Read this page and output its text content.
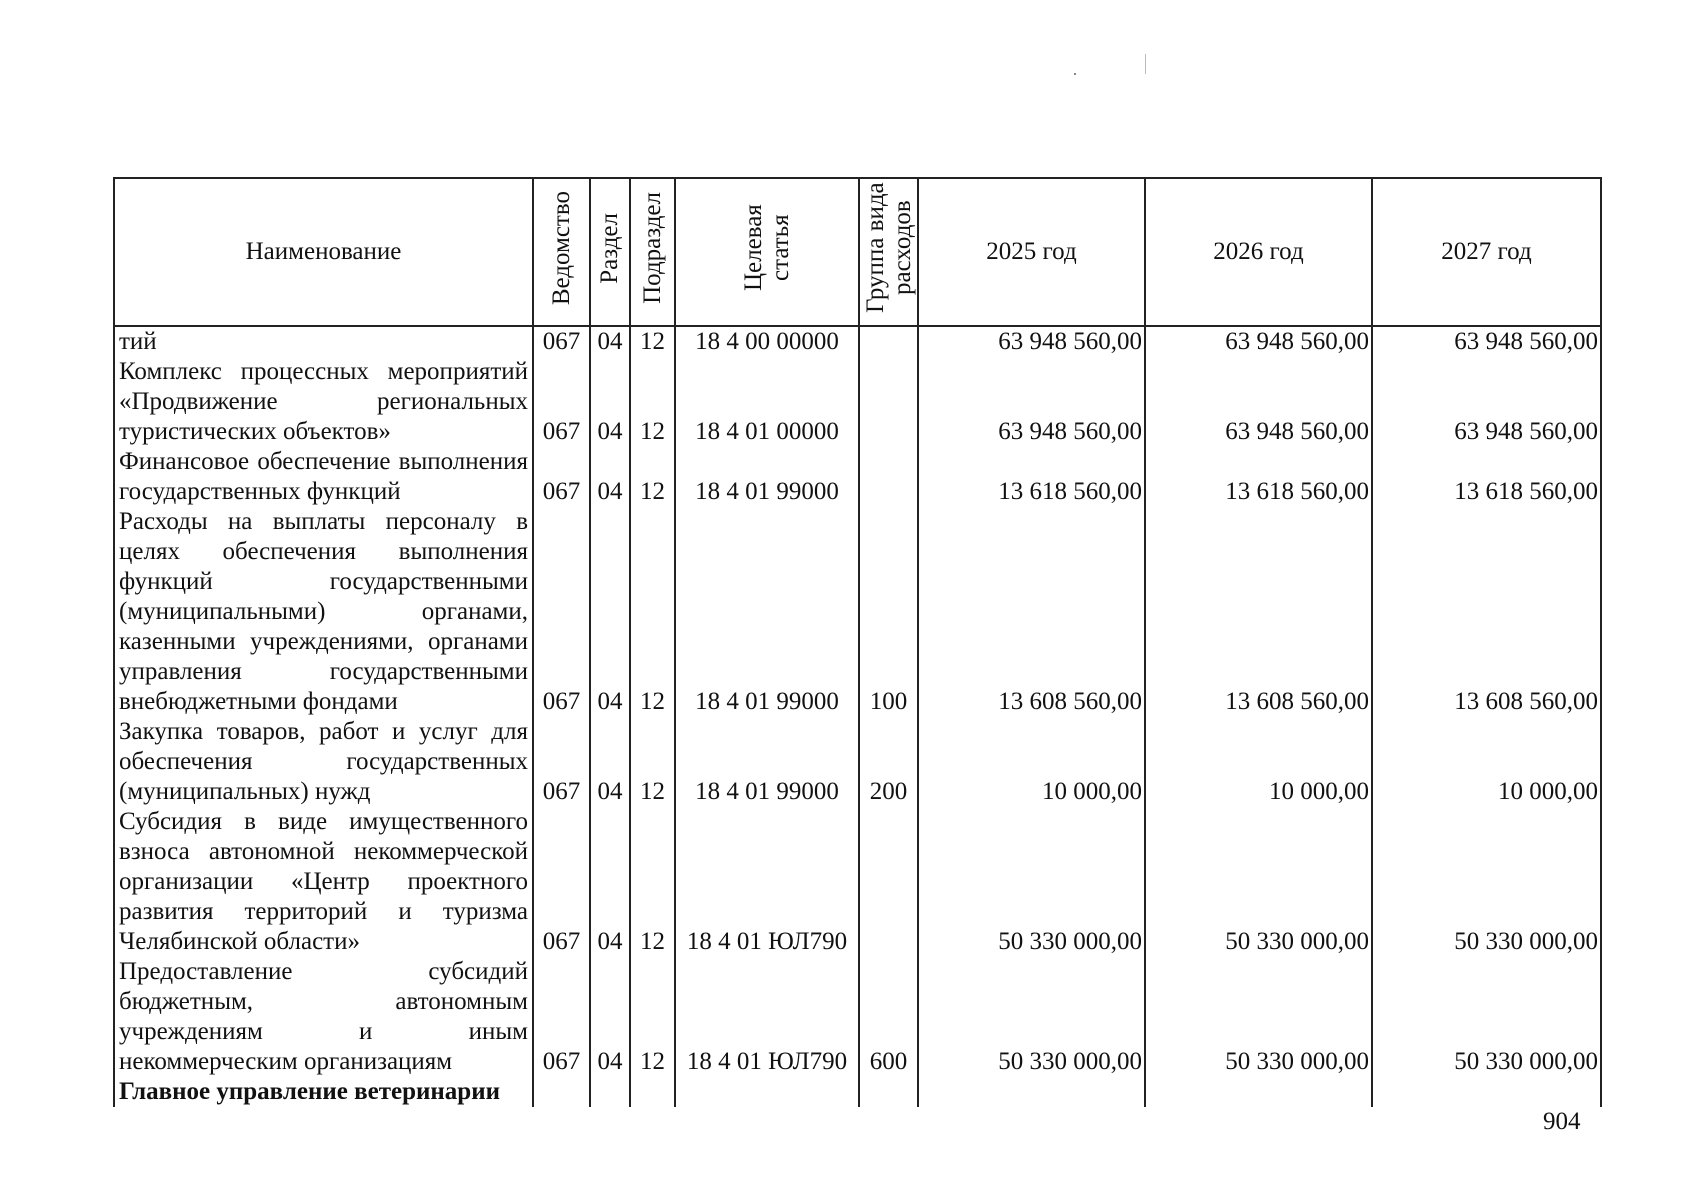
Наименование	Ведомство	Раздел	Подраздел	Целевая статья	Группа вида расходов	2025 год	2026 год	2027 год
тий	067	04	12	18 4 00 00000		63 948 560,00	63 948 560,00	63 948 560,00
Комплекс процессных мероприятий «Продвижение региональных туристических объектов»	067	04	12	18 4 01 00000		63 948 560,00	63 948 560,00	63 948 560,00
Финансовое обеспечение выполнения государственных функций	067	04	12	18 4 01 99000		13 618 560,00	13 618 560,00	13 618 560,00
Расходы на выплаты персоналу в целях обеспечения выполнения функций государственными (муниципальными) органами, казенными учреждениями, органами управления государственными внебюджетными фондами	067	04	12	18 4 01 99000	100	13 608 560,00	13 608 560,00	13 608 560,00
Закупка товаров, работ и услуг для обеспечения государственных (муниципальных) нужд	067	04	12	18 4 01 99000	200	10 000,00	10 000,00	10 000,00
Субсидия в виде имущественного взноса автономной некоммерческой организации «Центр проектного развития территорий и туризма Челябинской области»	067	04	12	18 4 01 ЮЛ790		50 330 000,00	50 330 000,00	50 330 000,00
Предоставление субсидий бюджетным, автономным учреждениям и иным некоммерческим организациям	067	04	12	18 4 01 ЮЛ790	600	50 330 000,00	50 330 000,00	50 330 000,00
Главное управление ветеринарии								
904
